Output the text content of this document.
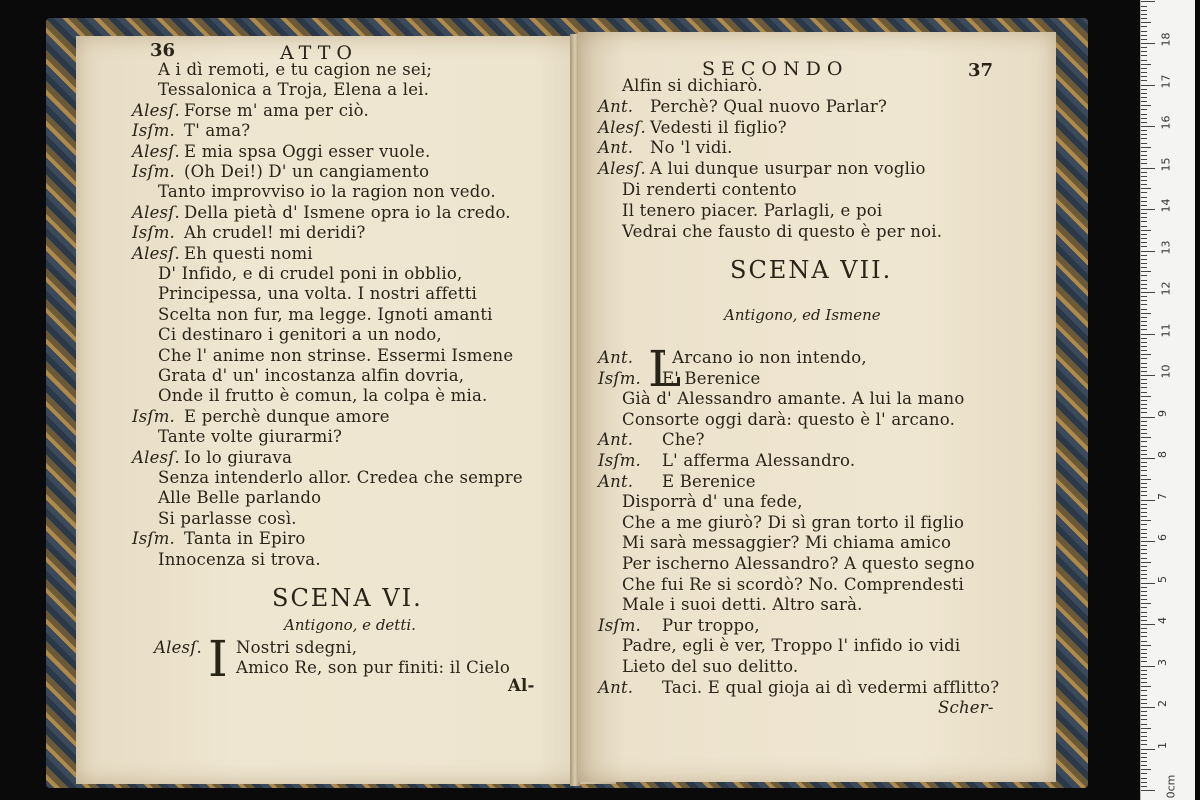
36	ATTO
A i dì remoti, e tu cagion ne sei;
Tessalonica a Troja, Elena a lei.
Alesſ. Forse m' ama per ciò.
Isſm. T' ama?
Alesſ. E mia spsa Oggi esser vuole.
Isſm. (Oh Dei!) D' un cangiamento
Tanto improvviso io la ragion non vedo.
Alesſ. Della pietà d' Ismene opra io la credo.
Isſm. Ah crudel! mi deridi?
Alesſ. Eh questi nomi
D' Infido, e di crudel poni in obblio,
Principessa, una volta. I nostri affetti
Scelta non fur, ma legge. Ignoti amanti
Ci destinaro i genitori a un nodo,
Che l' anime non strinse. Essermi Ismene
Grata d' un' incostanza alfin dovria,
Onde il frutto è comun, la colpa è mia.
Isſm. E perchè dunque amore
Tante volte giurarmi?
Alesſ. Io lo giurava
Senza intenderlo allor. Credea che sempre
Alle Belle parlando
Si parlasse così.
Isſm. Tanta in Epiro
Innocenza si trova.
SCENA VI.
Antigono, e detti.
I
Alesſ. Nostri sdegni,
Amico Re, son pur finiti: il Cielo
Al-
SECONDO	37
Alfin si dichiarò.
Ant. Perchè? Qual nuovo Parlar?
Alesſ. Vedesti il figlio?
Ant. No 'l vidi.
Alesſ. A lui dunque usurpar non voglio
Di renderti contento
Il tenero piacer. Parlagli, e poi
Vedrai che fausto di questo è per noi.
SCENA VII.
Antigono, ed Ismene
L
Ant. ' Arcano io non intendo,
Isſm. E' Berenice
Già d' Alessandro amante. A lui la mano
Consorte oggi darà: questo è l' arcano.
Ant. Che?
Isſm. L' afferma Alessandro.
Ant. E Berenice
Disporrà d' una fede,
Che a me giurò? Di sì gran torto il figlio
Mi sarà messaggier? Mi chiama amico
Per ischerno Alessandro? A questo segno
Che fui Re si scordò? No. Comprendesti
Male i suoi detti. Altro sarà.
Isſm. Pur troppo,
Padre, egli è ver, Troppo l' infido io vidi
Lieto del suo delitto.
Ant. Taci. E qual gioja ai dì vedermi afflitto?
Scher-
18
17
16
15
14
13
12
11
10
9
8
7
6
5
4
3
2
1
0cm
